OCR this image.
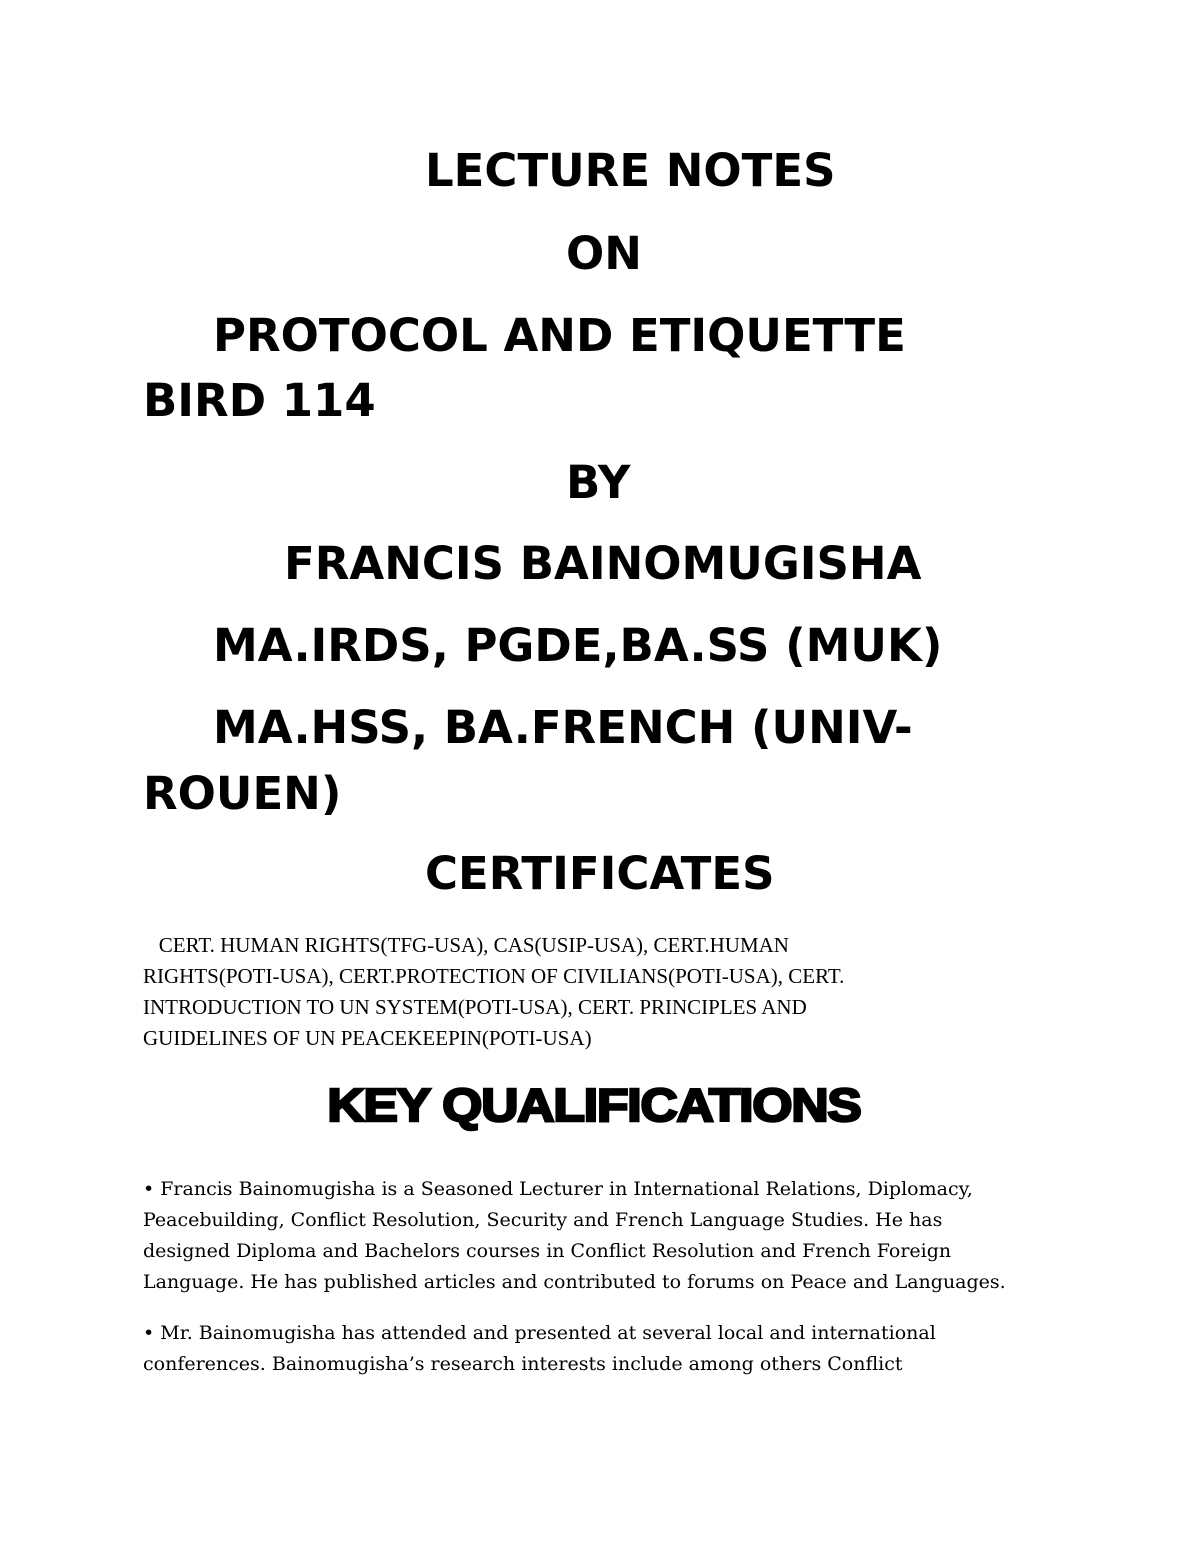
LECTURE NOTES

ON

PROTOCOL AND ETIQUETTE

BIRD 114

BY

FRANCIS BAINOMUGISHA

MA.IRDS, PGDE,BA.SS (MUK)

MA.HSS, BA.FRENCH (UNIV-

ROUEN)

CERTIFICATES

CERT. HUMAN RIGHTS(TFG-USA), CAS(USIP-USA), CERT.HUMAN
RIGHTS(POTI-USA), CERT.PROTECTION OF CIVILIANS(POTI-USA), CERT.
INTRODUCTION TO UN SYSTEM(POTI-USA), CERT. PRINCIPLES AND
GUIDELINES OF UN PEACEKEEPIN(POTI-USA)

KEY QUALIFICATIONS

• Francis Bainomugisha is a Seasoned Lecturer in International Relations, Diplomacy,
Peacebuilding, Conflict Resolution, Security and French Language Studies. He has
designed Diploma and Bachelors courses in Conflict Resolution and French Foreign
Language. He has published articles and contributed to forums on Peace and Languages.

• Mr. Bainomugisha has attended and presented at several local and international
conferences. Bainomugisha’s research interests include among others Conflict
